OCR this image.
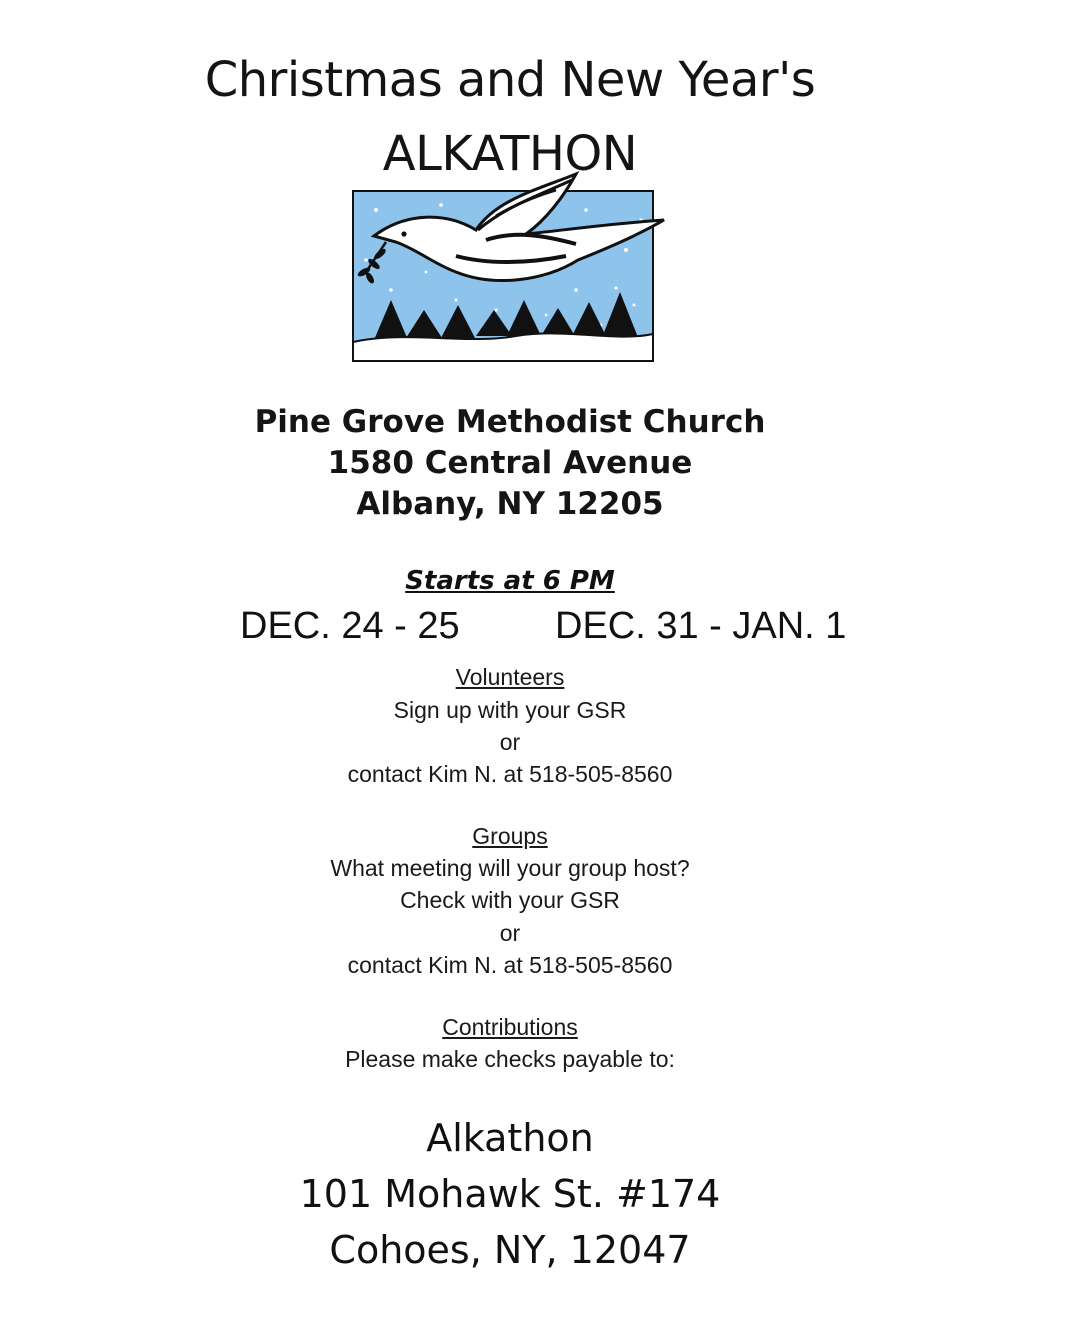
Christmas and New Year's
ALKATHON
Pine Grove Methodist Church
1580 Central Avenue
Albany, NY 12205
Starts at 6 PM
DEC. 24 - 25	DEC. 31 - JAN. 1
Volunteers
Sign up with your GSR
or
contact Kim N. at 518-505-8560
Groups
What meeting will your group host?
Check with your GSR
or
contact Kim N. at 518-505-8560
Contributions
Please make checks payable to:
Alkathon
101 Mohawk St. #174
Cohoes, NY, 12047
